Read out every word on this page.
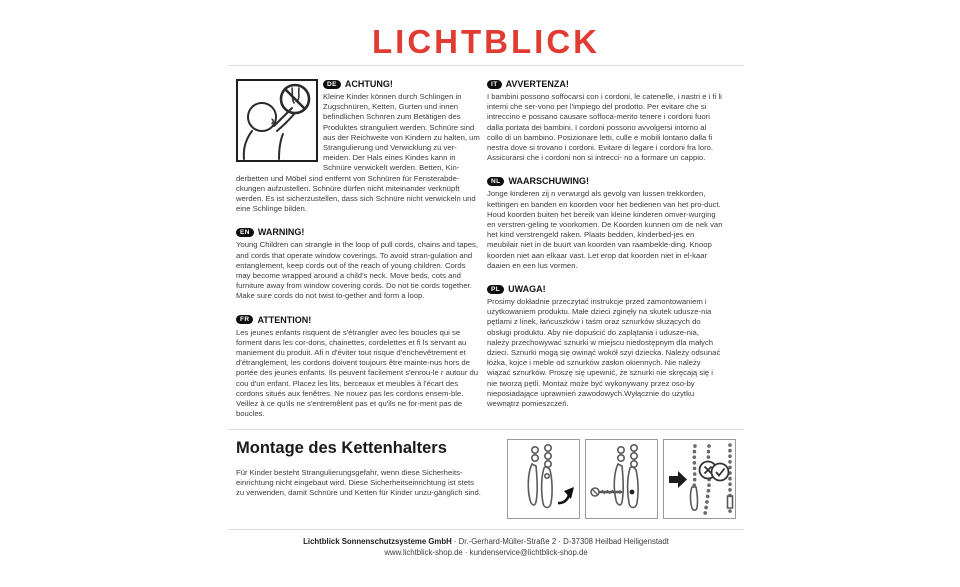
LICHTBLICK
DE ACHTUNG!

Kleine Kinder können durch Schlingen in Zugschnüren, Ketten, Gurten und innen befindlichen Schnren zum Betätigen des Produktes stranguliert werden. Schnüre sind aus der Reichweite von Kindern zu halten, um Strangulierung und Verwicklung zu ver-meiden. Der Hals eines Kindes kann in Schnüre verwickelt werden. Betten, Kin-derbetten und Möbel sind entfernt von Schnüren für Fensterabde-ckungen aufzustellen. Schnüre dürfen nicht miteinander verknüpft werden. Es ist sicherzustellen, dass sich Schnüre nicht verwickeln und eine Schlinge bilden.

EN WARNING!

Young Children can strangle in the loop of pull cords, chains and tapes, and cords that operate window coverings. To avoid stran-gulation and entanglement, keep cords out of the reach of young children. Cords may become wrapped around a child's neck. Move beds, cots and furniture away from window covering cords. Do not tie cords together. Make sure cords do not twist to-gether and form a loop.

FR ATTENTION!

Les jeunes enfants risquent de s'étrangler avec les boucles qui se forment dans les cor-dons, chainettes, cordelettes et fi ls servant au maniement du produit. Afi n d'éviter tout risque d'enchevêtrement et d'étranglement, les cordons doivent toujours être mainte-nus hors de portée des jeunes enfants. Ils peuvent facilement s'enrou-le r autour du cou d'un enfant. Placez les lits, berceaux et meubles à l'écart des cordons situés aux fenêtres. Ne nouez pas les cordons ensem-ble. Veillez à ce qu'ils ne s'entremêlent pas et qu'ils ne for-ment pas de boucles.

IT AVVERTENZA!

I bambini possono soffocarsi con i cordoni, le catenelle, i nastri e i fi li interni che ser-vono per l'impiego del prodotto. Per evitare che si intreccino e possano causare soffoca-mento tenere i cordoni fuori dalla portata dei bambini. I cordoni possono avvolgersi intorno al collo di un bambino. Posizionare letti, culle e mobili lontano dalla fi nestra dove si trovano i cordoni. Evitare di legare i cordoni fra loro. Assicurarsi che i cordoni non si intrecci- no a formare un cappio.

NL WAARSCHUWING!

Jonge kinderen zij n verwurgd als gevolg van lussen trekkorden, kettingen en banden en koorden voor het bedienen van het pro-duct. Houd koorden buiten het bereik van kleine kinderen omver-wurging en verstren-geling te voorkomen. De Koorden kunnen om de nek van het kind verstrengeld raken. Plaats bedden, kinderbed-jes en meubilair niet in de buurt van koorden van raambekle-ding. Knoop koorden niet aan elkaar vast. Let erop dat koorden niet in el-kaar daaien en een lus vormen.

PL UWAGA!

Prosimy dokładnie przeczytać instrukcje przed zamontowaniem i użytkowaniem produktu. Małe dzieci zginęły na skutek udusze-nia pętlami z linek, łańcuszków i taśm oraz sznurków służących do obsługi produktu. Aby nie dopuścić do zaplątania i udusze-nia, należy przechowywać sznurki w miejscu niedostępnym dla małych dzieci. Sznurki mogą się owinąć wokół szyi dziecka. Należy odsunać łóżka, kojce i meble od sznurków zasłon okiennych. Nie należy wiązać sznurków. Proszę się upewnić, że sznurki nie skręcają się i nie tworzą pętli. Montaż może być wykonywany przez oso-by nieposiadające uprawnień zawodowych.Wyłącznie do użytku wewnątrz pomieszczeń.

Montage des Kettenhalters

Für Kinder besteht Strangulierungsgefahr, wenn diese Sicherheits-einrichtung nicht eingebaut wird. Diese Sicherheitseinrichtung ist stets zu verwenden, damit Schnüre und Ketten für Kinder unzu-gänglich sind.

Lichtblick Sonnenschutzsysteme GmbH · Dr.-Gerhard-Müller-Straße 2 · D-37308 Heilbad Heiligenstadt
www.lichtblick-shop.de · kundenservice@lichtblick-shop.de
